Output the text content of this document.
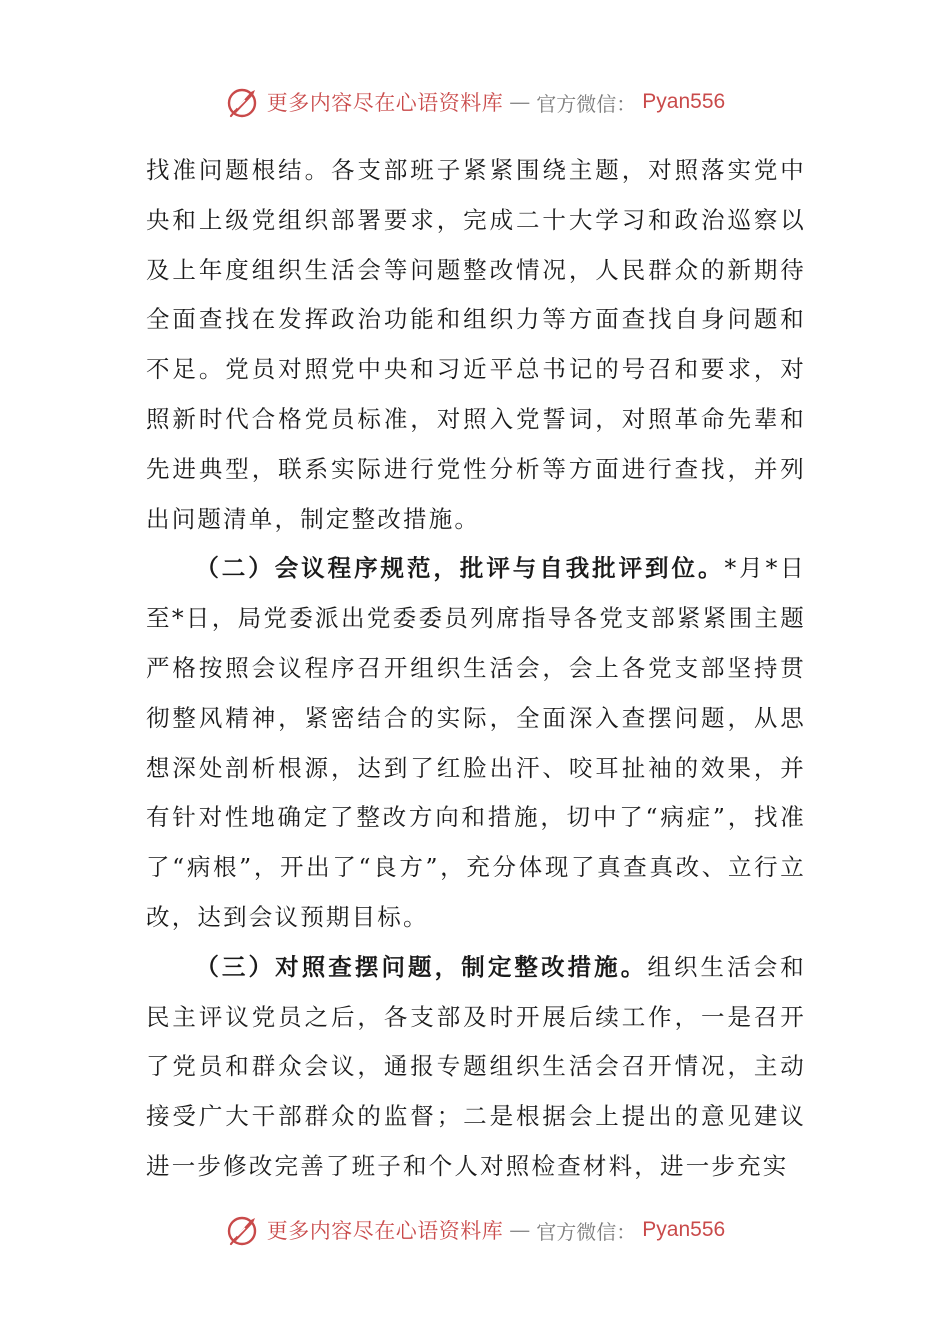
更多内容尽在心语资料库 — 官方微信： Pyan556

找准问题根结。各支部班子紧紧围绕主题，对照落实党中央和上级党组织部署要求，完成二十大学习和政治巡察以及上年度组织生活会等问题整改情况，人民群众的新期待全面查找在发挥政治功能和组织力等方面查找自身问题和不足。党员对照党中央和习近平总书记的号召和要求，对照新时代合格党员标准，对照入党誓词，对照革命先辈和先进典型，联系实际进行党性分析等方面进行查找，并列出问题清单，制定整改措施。

（二）会议程序规范，批评与自我批评到位。*月*日至*日，局党委派出党委委员列席指导各党支部紧紧围主题严格按照会议程序召开组织生活会，会上各党支部坚持贯彻整风精神，紧密结合的实际，全面深入查摆问题，从思想深处剖析根源，达到了红脸出汗、咬耳扯袖的效果，并有针对性地确定了整改方向和措施，切中了“病症”，找准了“病根”，开出了“良方”，充分体现了真查真改、立行立改，达到会议预期目标。

（三）对照查摆问题，制定整改措施。组织生活会和民主评议党员之后，各支部及时开展后续工作，一是召开了党员和群众会议，通报专题组织生活会召开情况，主动接受广大干部群众的监督；二是根据会上提出的意见建议进一步修改完善了班子和个人对照检查材料，进一步充实

更多内容尽在心语资料库 — 官方微信： Pyan556
